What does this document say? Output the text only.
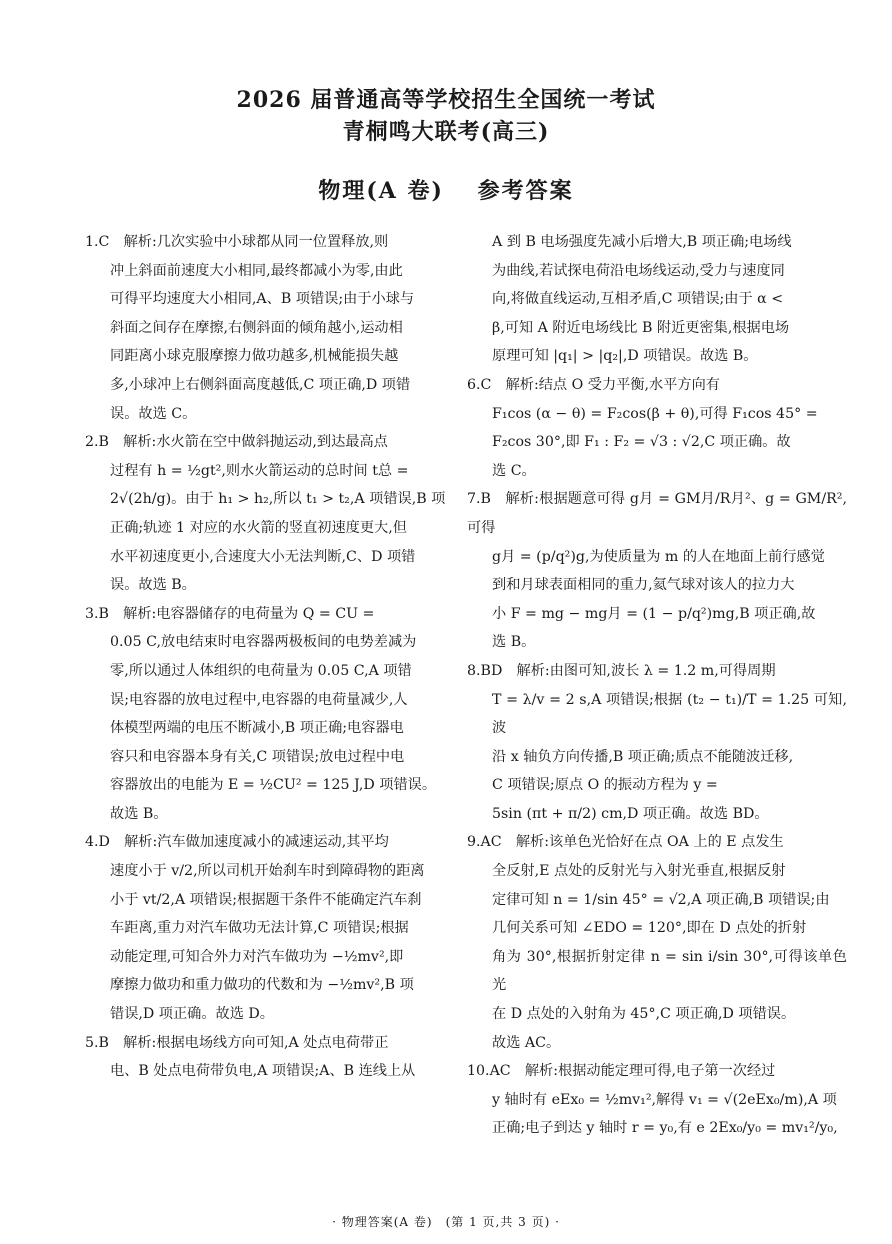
2026 届普通高等学校招生全国统一考试
青桐鸣大联考(高三)
物理(A 卷) 参考答案

1.C　解析:几次实验中小球都从同一位置释放,则

冲上斜面前速度大小相同,最终都减小为零,由此

可得平均速度大小相同,A、B 项错误;由于小球与

斜面之间存在摩擦,右侧斜面的倾角越小,运动相

同距离小球克服摩擦力做功越多,机械能损失越

多,小球冲上右侧斜面高度越低,C 项正确,D 项错

误。故选 C。

2.B　解析:水火箭在空中做斜抛运动,到达最高点

过程有 h = ½gt²,则水火箭运动的总时间 t总 =

2√(2h/g)。由于 h₁ > h₂,所以 t₁ > t₂,A 项错误,B 项

正确;轨迹 1 对应的水火箭的竖直初速度更大,但

水平初速度更小,合速度大小无法判断,C、D 项错

误。故选 B。

3.B　解析:电容器储存的电荷量为 Q = CU =

0.05 C,放电结束时电容器两极板间的电势差减为

零,所以通过人体组织的电荷量为 0.05 C,A 项错

误;电容器的放电过程中,电容器的电荷量减少,人

体模型两端的电压不断减小,B 项正确;电容器电

容只和电容器本身有关,C 项错误;放电过程中电

容器放出的电能为 E = ½CU² = 125 J,D 项错误。

故选 B。

4.D　解析:汽车做加速度减小的减速运动,其平均

速度小于 v/2,所以司机开始刹车时到障碍物的距离

小于 vt/2,A 项错误;根据题干条件不能确定汽车刹

车距离,重力对汽车做功无法计算,C 项错误;根据

动能定理,可知合外力对汽车做功为 −½mv²,即

摩擦力做功和重力做功的代数和为 −½mv²,B 项

错误,D 项正确。故选 D。

5.B　解析:根据电场线方向可知,A 处点电荷带正

电、B 处点电荷带负电,A 项错误;A、B 连线上从

A 到 B 电场强度先减小后增大,B 项正确;电场线

为曲线,若试探电荷沿电场线运动,受力与速度同

向,将做直线运动,互相矛盾,C 项错误;由于 α <

β,可知 A 附近电场线比 B 附近更密集,根据电场

原理可知 |q₁| > |q₂|,D 项错误。故选 B。

6.C　解析:结点 O 受力平衡,水平方向有

F₁cos (α − θ) = F₂cos(β + θ),可得 F₁cos 45° =

F₂cos 30°,即 F₁ : F₂ = √3 : √2,C 项正确。故

选 C。

7.B　解析:根据题意可得 g月 = GM月/R月²、g = GM/R²,可得

g月 = (p/q²)g,为使质量为 m 的人在地面上前行感觉

到和月球表面相同的重力,氦气球对该人的拉力大

小 F = mg − mg月 = (1 − p/q²)mg,B 项正确,故

选 B。

8.BD　解析:由图可知,波长 λ = 1.2 m,可得周期

T = λ/v = 2 s,A 项错误;根据 (t₂ − t₁)/T = 1.25 可知,波

沿 x 轴负方向传播,B 项正确;质点不能随波迁移,

C 项错误;原点 O 的振动方程为 y =

5sin (πt + π/2) cm,D 项正确。故选 BD。

9.AC　解析:该单色光恰好在点 OA 上的 E 点发生

全反射,E 点处的反射光与入射光垂直,根据反射

定律可知 n = 1/sin 45° = √2,A 项正确,B 项错误;由

几何关系可知 ∠EDO = 120°,即在 D 点处的折射

角为 30°,根据折射定律 n = sin i/sin 30°,可得该单色光

在 D 点处的入射角为 45°,C 项正确,D 项错误。

故选 AC。

10.AC　解析:根据动能定理可得,电子第一次经过

y 轴时有 eEx₀ = ½mv₁²,解得 v₁ = √(2eEx₀/m),A 项

正确;电子到达 y 轴时 r = y₀,有 e 2Ex₀/y₀ = mv₁²/y₀,

· 物理答案(A 卷)　(第 1 页,共 3 页) ·
